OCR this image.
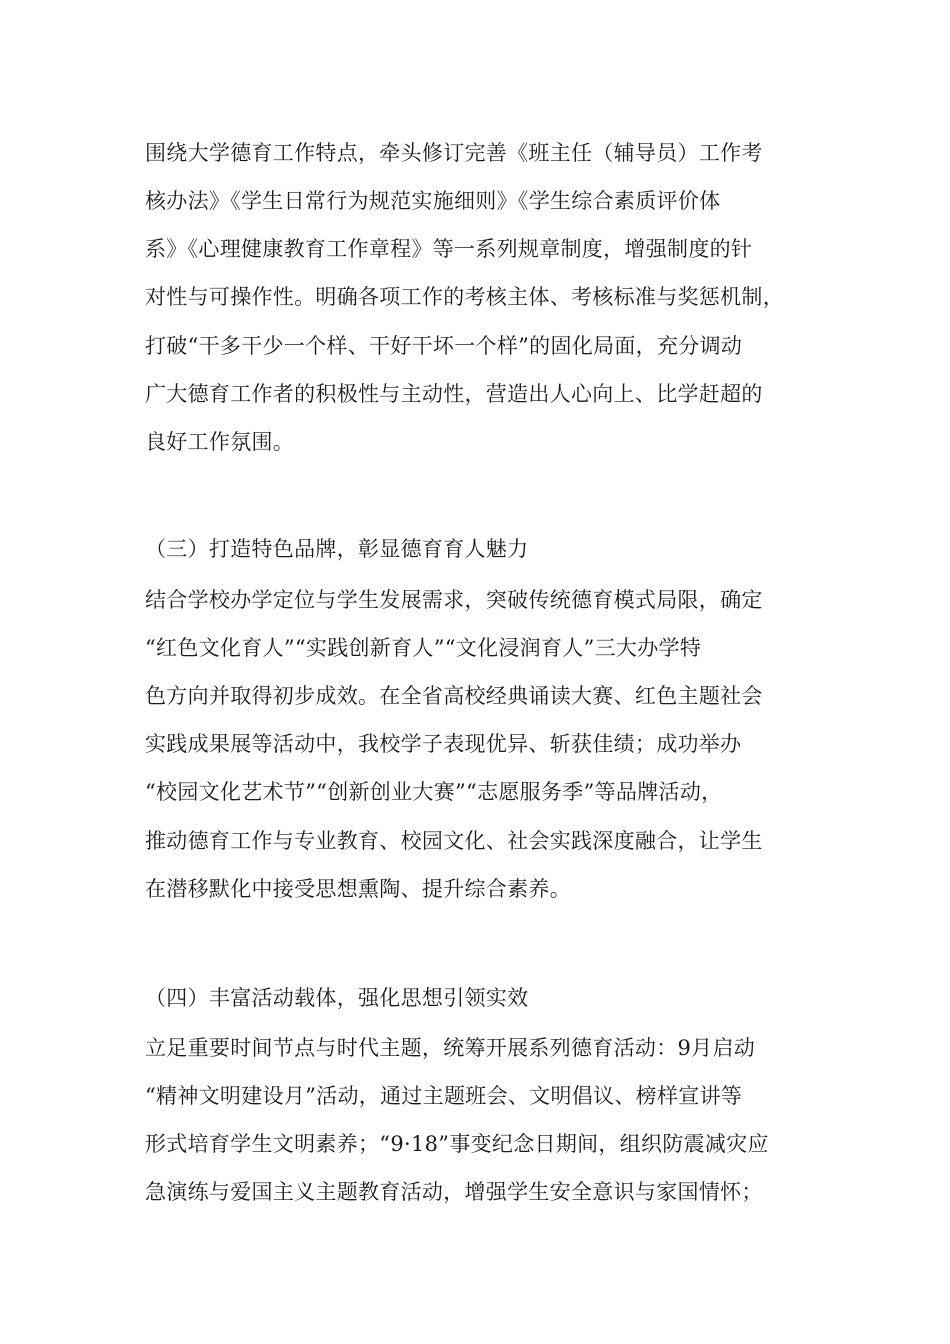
围绕大学德育工作特点，牵头修订完善《班主任（辅导员）工作考
核办法》《学生日常行为规范实施细则》《学生综合素质评价体
系》《心理健康教育工作章程》等一系列规章制度，增强制度的针
对性与可操作性。明确各项工作的考核主体、考核标准与奖惩机制，
打破“干多干少一个样、干好干坏一个样”的固化局面，充分调动
广大德育工作者的积极性与主动性，营造出人心向上、比学赶超的
良好工作氛围。
（三）打造特色品牌，彰显德育育人魅力
结合学校办学定位与学生发展需求，突破传统德育模式局限，确定
“红色文化育人”“实践创新育人”“文化浸润育人”三大办学特
色方向并取得初步成效。在全省高校经典诵读大赛、红色主题社会
实践成果展等活动中，我校学子表现优异、斩获佳绩；成功举办
“校园文化艺术节”“创新创业大赛”“志愿服务季”等品牌活动，
推动德育工作与专业教育、校园文化、社会实践深度融合，让学生
在潜移默化中接受思想熏陶、提升综合素养。
（四）丰富活动载体，强化思想引领实效
立足重要时间节点与时代主题，统筹开展系列德育活动：9月启动
“精神文明建设月”活动，通过主题班会、文明倡议、榜样宣讲等
形式培育学生文明素养；“9·18”事变纪念日期间，组织防震减灾应
急演练与爱国主义主题教育活动，增强学生安全意识与家国情怀；
